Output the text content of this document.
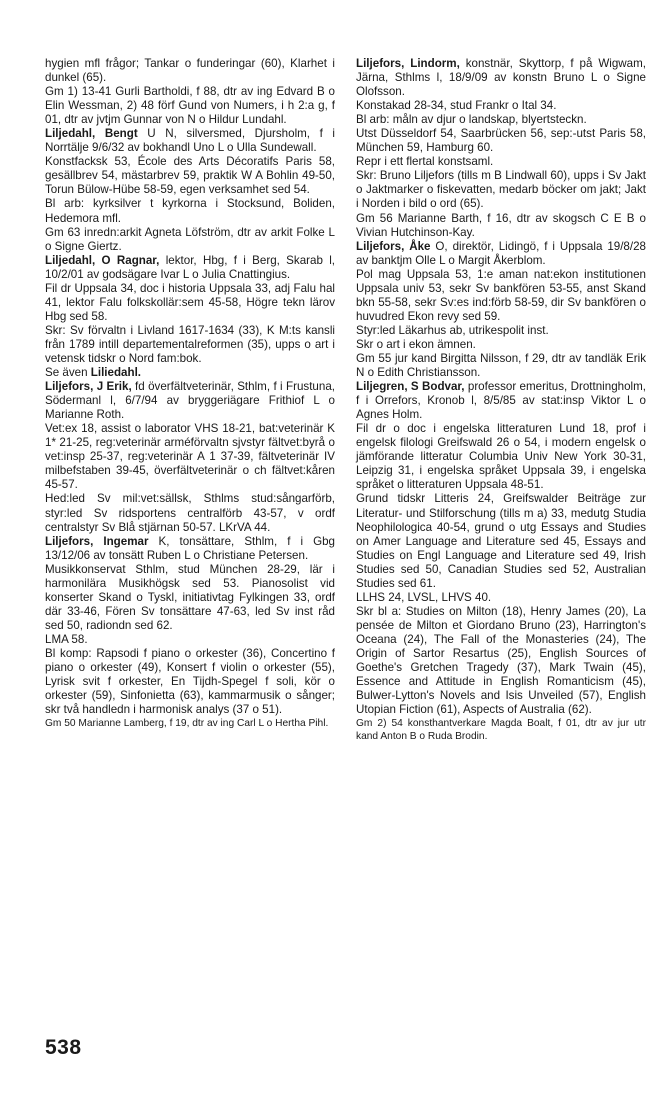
hygien mfl frågor; Tankar o funderingar (60), Klarhet i dunkel (65).

Gm 1) 13-41 Gurli Bartholdi, f 88, dtr av ing Edvard B o Elin Wessman, 2) 48 förf Gund von Numers, i h 2:a g, f 01, dtr av jvtjm Gunnar von N o Hildur Lundahl.

Liljedahl, Bengt U N, silversmed, Djursholm, f i Norrtälje 9/6/32 av bokhandl Uno L o Ulla Sundewall.

Konstfacksk 53, École des Arts Décoratifs Paris 58, gesällbrev 54, mästarbrev 59, praktik W A Bohlin 49-50, Torun Bülow-Hübe 58-59, egen verksamhet sed 54.

Bl arb: kyrksilver t kyrkorna i Stocksund, Boliden, Hedemora mfl.

Gm 63 inredn:arkit Agneta Löfström, dtr av arkit Folke L o Signe Giertz.

Liljedahl, O Ragnar, lektor, Hbg, f i Berg, Skarab l, 10/2/01 av godsägare Ivar L o Julia Cnattingius.

Fil dr Uppsala 34, doc i historia Uppsala 33, adj Falu hal 41, lektor Falu folkskollär:sem 45-58, Högre tekn lärov Hbg sed 58.

Skr: Sv förvaltn i Livland 1617-1634 (33), K M:ts kansli från 1789 intill departementalreformen (35), upps o art i vetensk tidskr o Nord fam:bok.

Se även Liliedahl.

Liljefors, J Erik, fd överfältveterinär, Sthlm, f i Frustuna, Södermanl l, 6/7/94 av bryggeriägare Frithiof L o Marianne Roth.

Vet:ex 18, assist o laborator VHS 18-21, bat:veterinär K 1* 21-25, reg:veterinär arméförvaltn sjvstyr fältvet:byrå o vet:insp 25-37, reg:veterinär A 1 37-39, fältveterinär IV milbefstaben 39-45, överfältveterinär o ch fältvet:kåren 45-57.

Hed:led Sv mil:vet:sällsk, Sthlms stud:sångarförb, styr:led Sv ridsportens centralförb 43-57, v ordf centralstyr Sv Blå stjärnan 50-57. LKrVA 44.

Liljefors, Ingemar K, tonsättare, Sthlm, f i Gbg 13/12/06 av tonsätt Ruben L o Christiane Petersen.

Musikkonservat Sthlm, stud München 28-29, lär i harmonilära Musikhögsk sed 53. Pianosolist vid konserter Skand o Tyskl, initiativtag Fylkingen 33, ordf där 33-46, Fören Sv tonsättare 47-63, led Sv inst råd sed 50, radiondn sed 62.

LMA 58.

Bl komp: Rapsodi f piano o orkester (36), Concertino f piano o orkester (49), Konsert f violin o orkester (55), Lyrisk svit f orkester, En Tijdh-Spegel f soli, kör o orkester (59), Sinfonietta (63), kammarmusik o sånger; skr två handledn i harmonisk analys (37 o 51).

Gm 50 Marianne Lamberg, f 19, dtr av ing Carl L o Hertha Pihl.

Liljefors, Lindorm, konstnär, Skyttorp, f på Wigwam, Järna, Sthlms l, 18/9/09 av konstn Bruno L o Signe Olofsson.

Konstakad 28-34, stud Frankr o Ital 34.

Bl arb: måln av djur o landskap, blyertsteckn.

Utst Düsseldorf 54, Saarbrücken 56, sep:-utst Paris 58, München 59, Hamburg 60.

Repr i ett flertal konstsaml.

Skr: Bruno Liljefors (tills m B Lindwall 60), upps i Sv Jakt o Jaktmarker o fiskevatten, medarb böcker om jakt; Jakt i Norden i bild o ord (65).

Gm 56 Marianne Barth, f 16, dtr av skogsch C E B o Vivian Hutchinson-Kay.

Liljefors, Åke O, direktör, Lidingö, f i Uppsala 19/8/28 av banktjm Olle L o Margit Åkerblom.

Pol mag Uppsala 53, 1:e aman nat:ekon institutionen Uppsala univ 53, sekr Sv bankfören 53-55, anst Skand bkn 55-58, sekr Sv:es ind:förb 58-59, dir Sv bankfören o huvudred Ekon revy sed 59.

Styr:led Läkarhus ab, utrikespolit inst.

Skr o art i ekon ämnen.

Gm 55 jur kand Birgitta Nilsson, f 29, dtr av tandläk Erik N o Edith Christiansson.

Liljegren, S Bodvar, professor emeritus, Drottningholm, f i Orrefors, Kronob l, 8/5/85 av stat:insp Viktor L o Agnes Holm.

Fil dr o doc i engelska litteraturen Lund 18, prof i engelsk filologi Greifswald 26 o 54, i modern engelsk o jämförande litteratur Columbia Univ New York 30-31, Leipzig 31, i engelska språket Uppsala 39, i engelska språket o litteraturen Uppsala 48-51.

Grund tidskr Litteris 24, Greifswalder Beiträge zur Literatur- und Stilforschung (tills m a) 33, medutg Studia Neophilologica 40-54, grund o utg Essays and Studies on Amer Language and Literature sed 45, Essays and Studies on Engl Language and Literature sed 49, Irish Studies sed 50, Canadian Studies sed 52, Australian Studies sed 61.

LLHS 24, LVSL, LHVS 40.

Skr bl a: Studies on Milton (18), Henry James (20), La pensée de Milton et Giordano Bruno (23), Harrington's Oceana (24), The Fall of the Monasteries (24), The Origin of Sartor Resartus (25), English Sources of Goethe's Gretchen Tragedy (37), Mark Twain (45), Essence and Attitude in English Romanticism (45), Bulwer-Lytton's Novels and Isis Unveiled (57), English Utopian Fiction (61), Aspects of Australia (62).

Gm 2) 54 konsthantverkare Magda Boalt, f 01, dtr av jur utr kand Anton B o Ruda Brodin.

538
